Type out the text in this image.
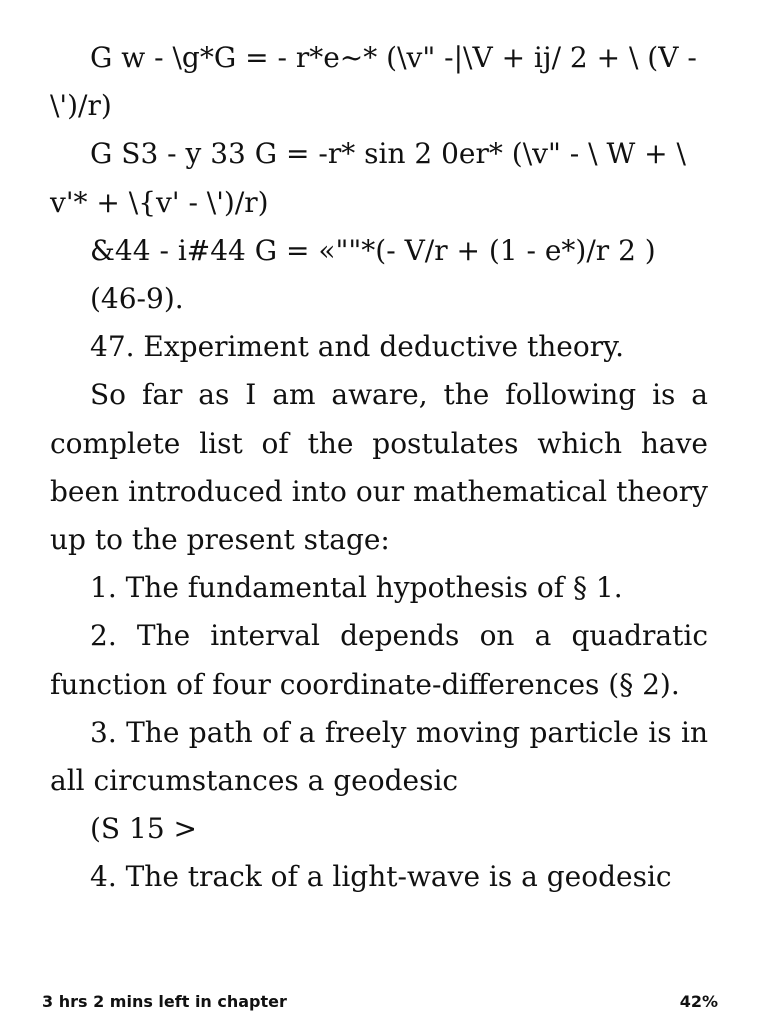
G w - \g*G = - r*e~* (\v" -|\V + ij/ 2 + \ (V - \')/r)

G S3 - y 33 G = -r* sin 2 0er* (\v" - \ W + \ v'* + \{v' - \')/r)

&44 - i#44 G = «""*(- V/r + (1 - e*)/r 2 )

(46-9).

47. Experiment and deductive theory.

So far as I am aware, the following is a complete list of the postulates which have been introduced into our mathematical theory up to the present stage:

1. The fundamental hypothesis of § 1.

2. The interval depends on a quadratic function of four coordinate-differences (§ 2).

3. The path of a freely moving particle is in all circumstances a geodesic

(S 15 >

4. The track of a light-wave is a geodesic

3 hrs 2 mins left in chapter	42%
